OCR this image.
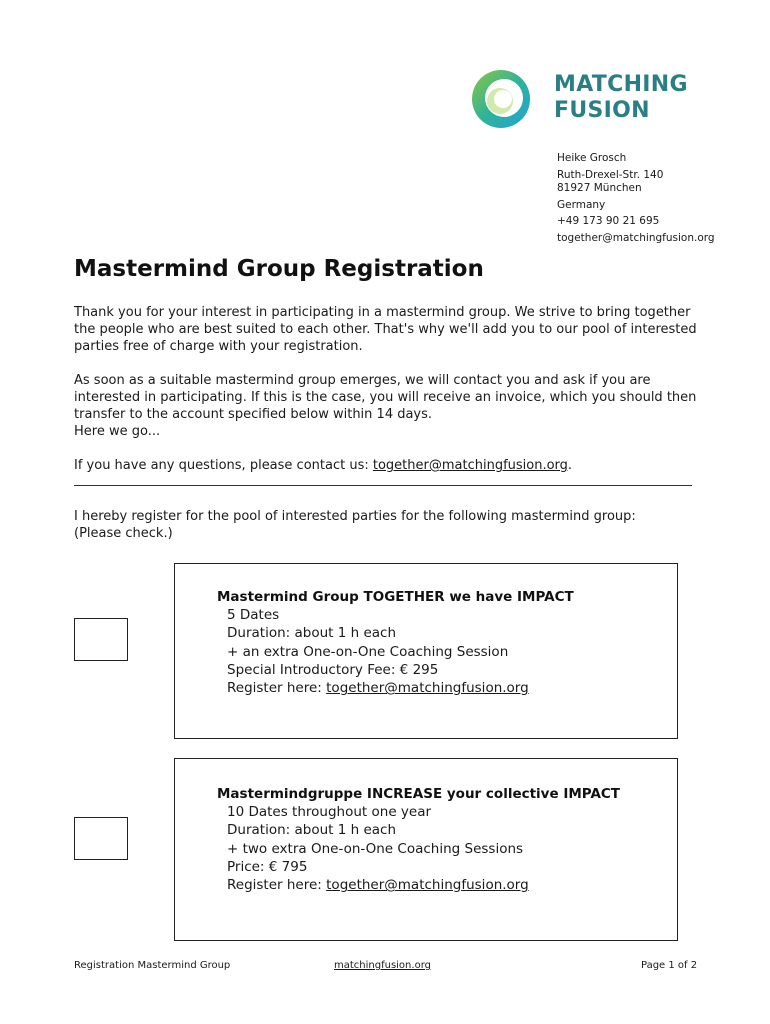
MATCHING
FUSION
Heike Grosch
Ruth-Drexel-Str. 140
81927 München
Germany
+49 173 90 21 695
together@matchingfusion.org
Mastermind Group Registration

Thank you for your interest in participating in a mastermind group. We strive to bring together the people who are best suited to each other. That's why we'll add you to our pool of interested parties free of charge with your registration.

As soon as a suitable mastermind group emerges, we will contact you and ask if you are interested in participating. If this is the case, you will receive an invoice, which you should then transfer to the account specified below within 14 days.

Here we go...

If you have any questions, please contact us: together@matchingfusion.org.

I hereby register for the pool of interested parties for the following mastermind group:

(Please check.)

Mastermind Group TOGETHER we have IMPACT
5 Dates
Duration: about 1 h each
+ an extra One-on-One Coaching Session
Special Introductory Fee: € 295
Register here: together@matchingfusion.org
Mastermindgruppe INCREASE your collective IMPACT
10 Dates throughout one year
Duration: about 1 h each
+ two extra One-on-One Coaching Sessions
Price: € 795
Register here: together@matchingfusion.org
Registration Mastermind Group	matchingfusion.org	Page 1 of 2
